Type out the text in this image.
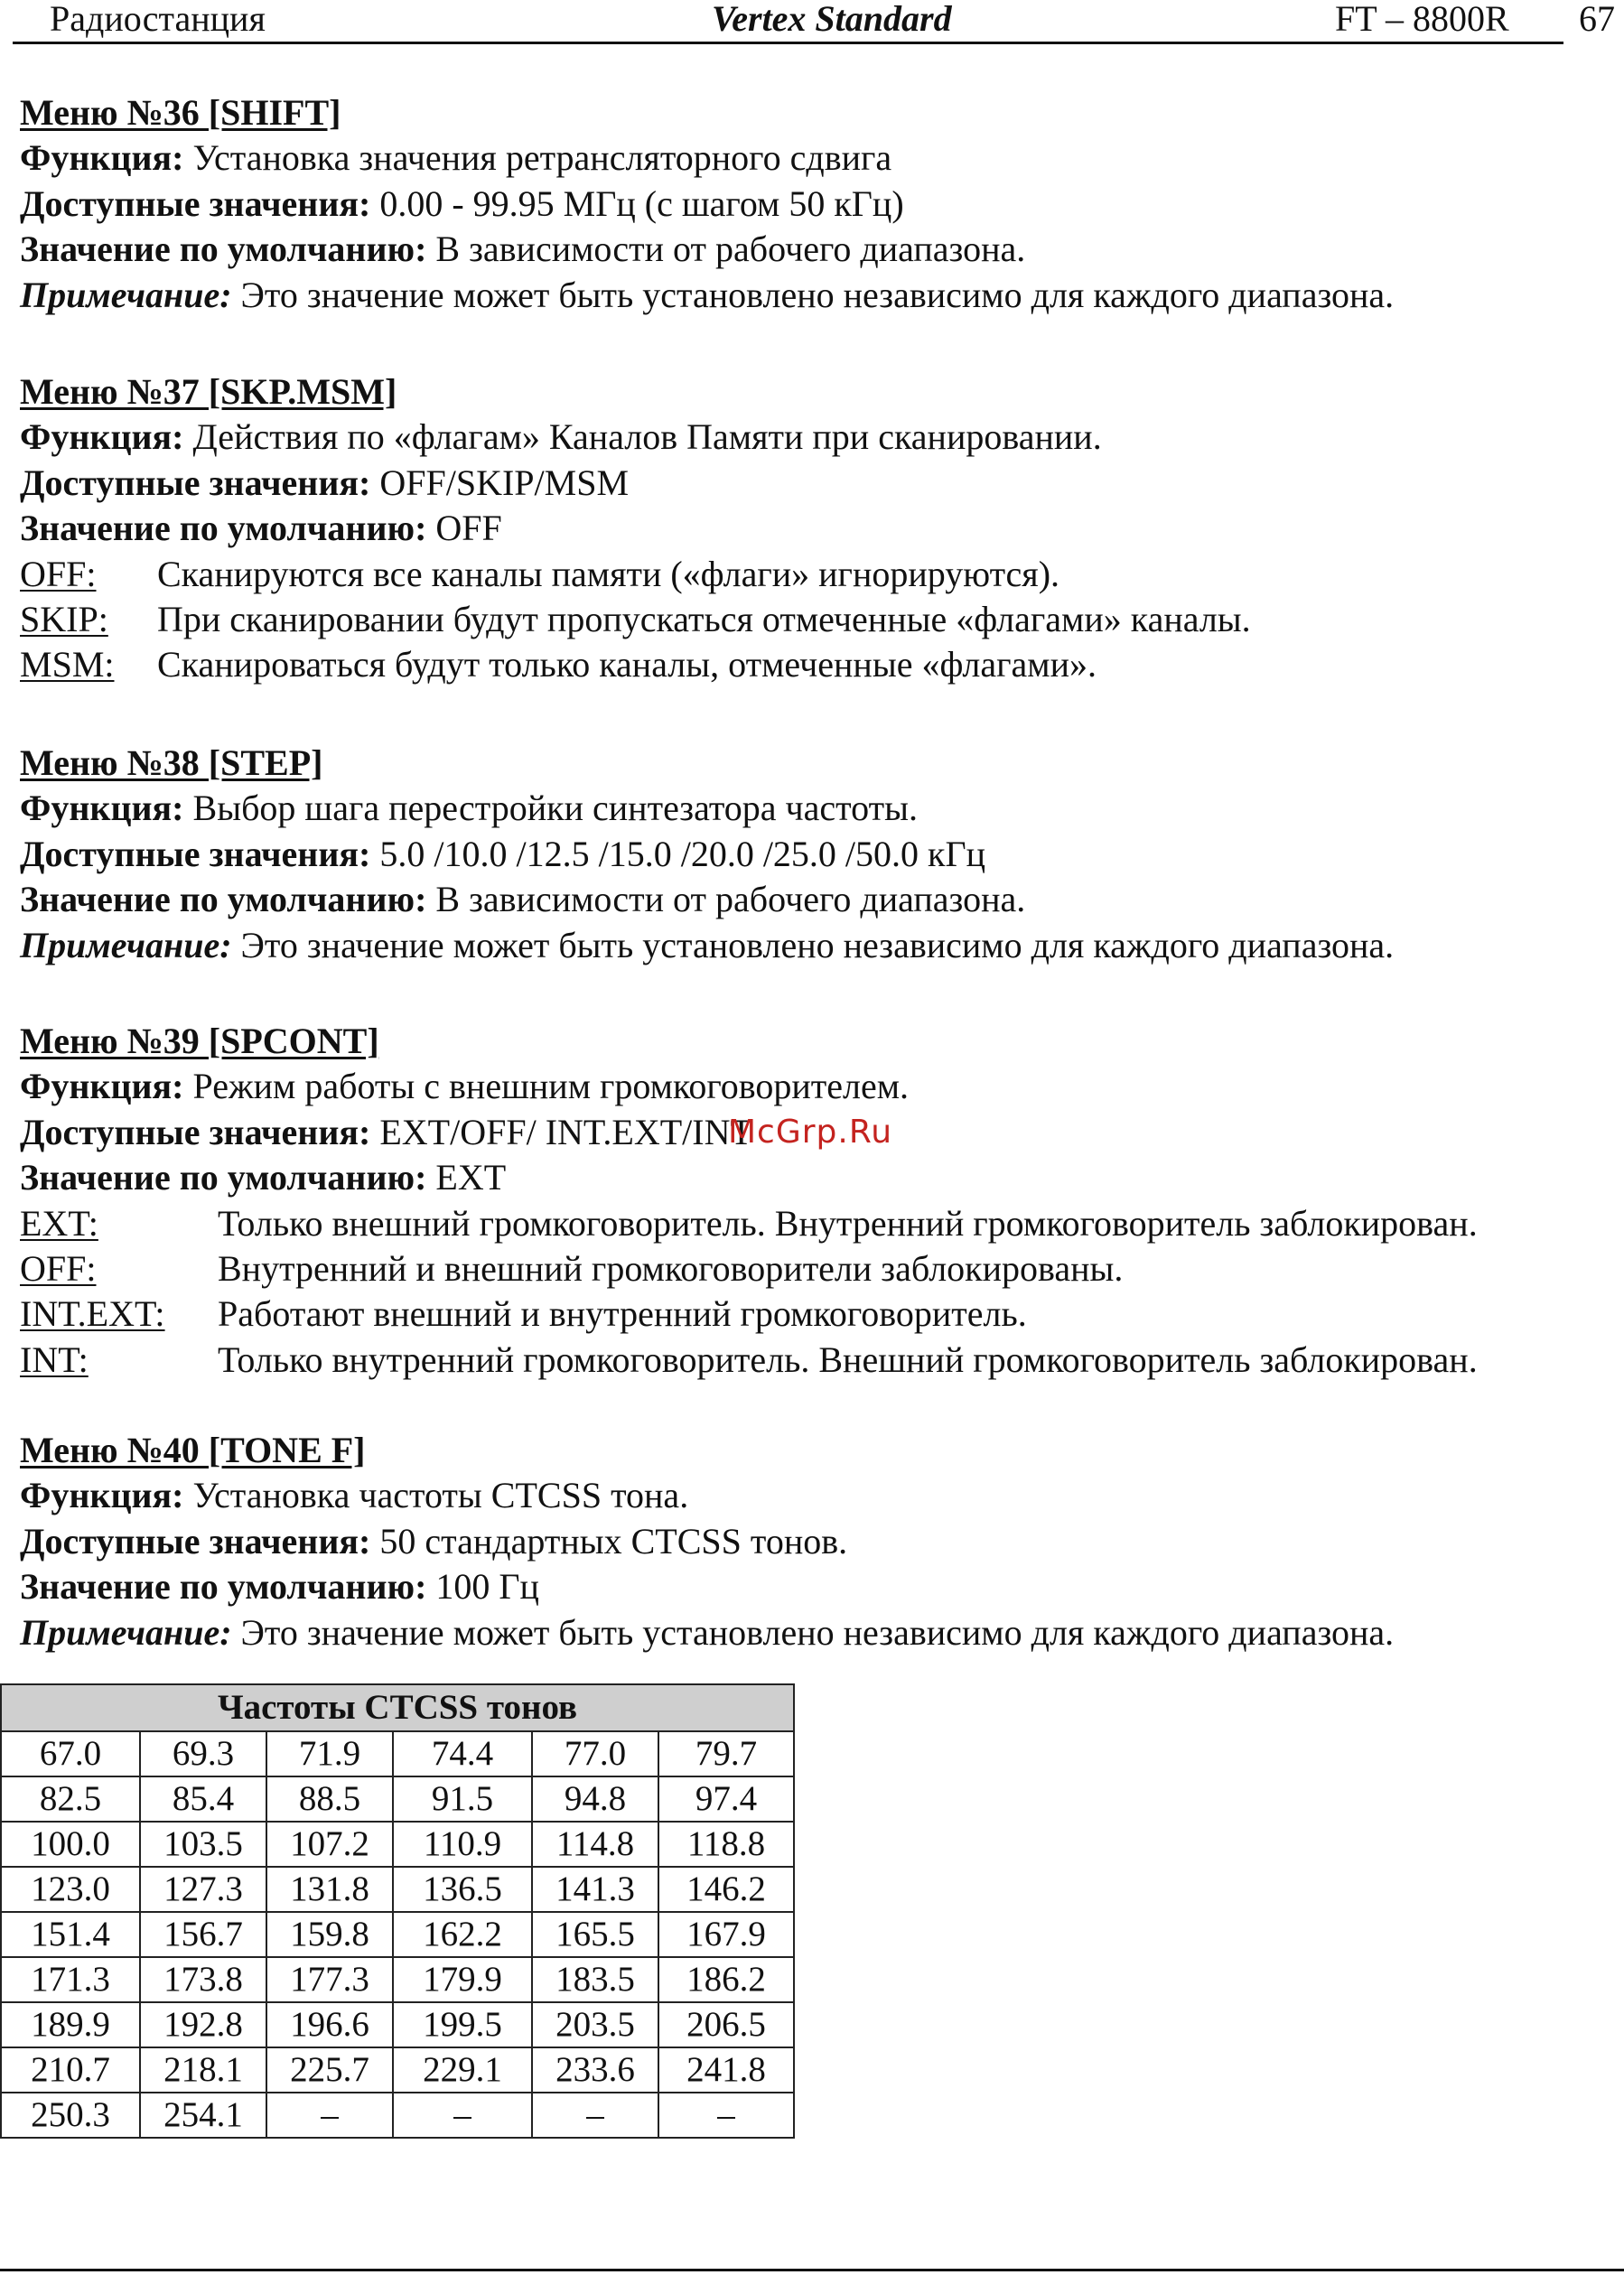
Радиостанция	Vertex Standard	FT – 8800R 67
Меню №36 [SHIFT]
Функция: Установка значения ретрансляторного сдвига
Доступные значения: 0.00 - 99.95 МГц (с шагом 50 кГц)
Значение по умолчанию: В зависимости от рабочего диапазона.
Примечание: Это значение может быть установлено независимо для каждого диапазона.
Меню №37 [SKP.MSM]
Функция: Действия по «флагам» Каналов Памяти при сканировании.
Доступные значения: OFF/SKIP/MSM
Значение по умолчанию: OFF
OFF: Сканируются все каналы памяти («флаги» игнорируются).
SKIP: При сканировании будут пропускаться отмеченные «флагами» каналы.
MSM: Сканироваться будут только каналы, отмеченные «флагами».
Меню №38 [STEP]
Функция: Выбор шага перестройки синтезатора частоты.
Доступные значения: 5.0 /10.0 /12.5 /15.0 /20.0 /25.0 /50.0 кГц
Значение по умолчанию: В зависимости от рабочего диапазона.
Примечание: Это значение может быть установлено независимо для каждого диапазона.
Меню №39 [SPCONT]
Функция: Режим работы с внешним громкоговорителем.
Доступные значения: EXT/OFF/ INT.EXT/INT
Значение по умолчанию: EXT
EXT:	Только внешний громкоговоритель. Внутренний громкоговоритель заблокирован.
OFF:	Внутренний и внешний громкоговорители заблокированы.
INT.EXT: Работают внешний и внутренний громкоговоритель.
INT:	Только внутренний громкоговоритель. Внешний громкоговоритель заблокирован.
Меню №40 [TONE F]
Функция: Установка частоты CTCSS тона.
Доступные значения: 50 стандартных CTCSS тонов.
Значение по умолчанию: 100 Гц
Примечание: Это значение может быть установлено независимо для каждого диапазона.
McGrp.Ru
Частоты CTCSS тонов					
67.0	69.3	71.9	74.4	77.0	79.7
82.5	85.4	88.5	91.5	94.8	97.4
100.0	103.5	107.2	110.9	114.8	118.8
123.0	127.3	131.8	136.5	141.3	146.2
151.4	156.7	159.8	162.2	165.5	167.9
171.3	173.8	177.3	179.9	183.5	186.2
189.9	192.8	196.6	199.5	203.5	206.5
210.7	218.1	225.7	229.1	233.6	241.8
250.3	254.1	–	–	–	–
